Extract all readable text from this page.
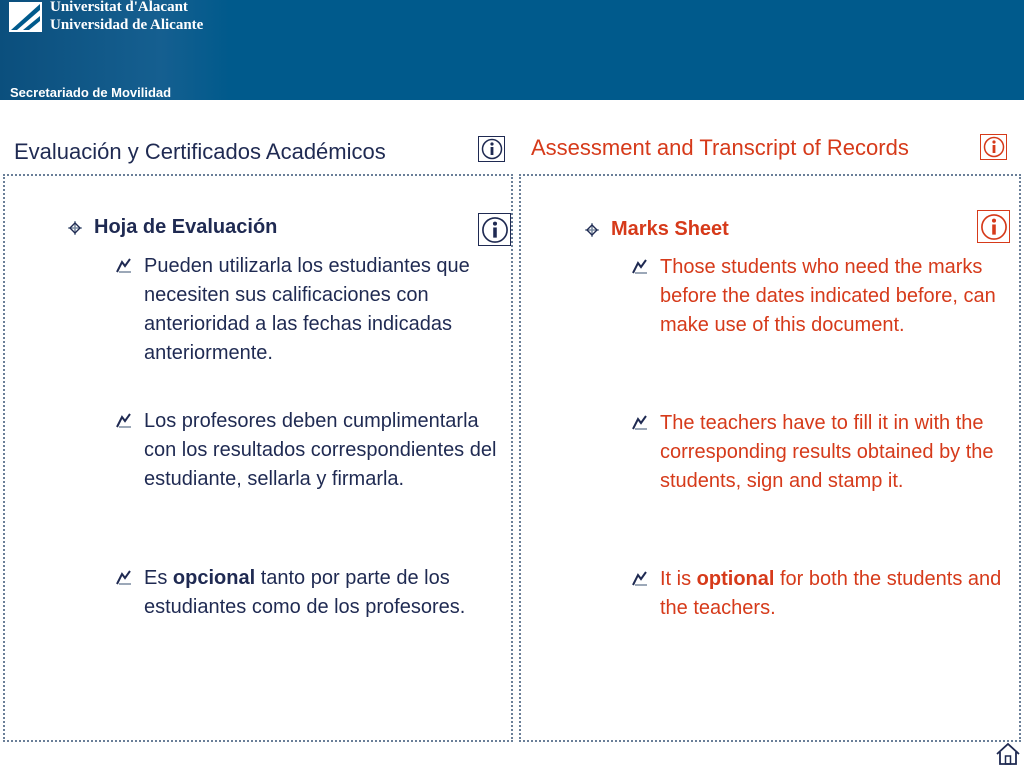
Universitat d'Alacant
Universidad de Alicante
Secretariado de Movilidad
Evaluación y Certificados Académicos	Assessment and Transcript of Records
Hoja de Evaluación
Pueden utilizarla los estudiantes que necesiten sus calificaciones con anterioridad a las fechas indicadas anteriormente.
Los profesores deben cumplimentarla con los resultados correspondientes del estudiante, sellarla y firmarla.
Es opcional tanto por parte de los estudiantes como de los profesores.
Marks Sheet
Those students who need the marks before the dates indicated before, can make use of this document.
The teachers have to fill it in with the corresponding results obtained by the students, sign and stamp it.
It is optional for both the students and the teachers.
